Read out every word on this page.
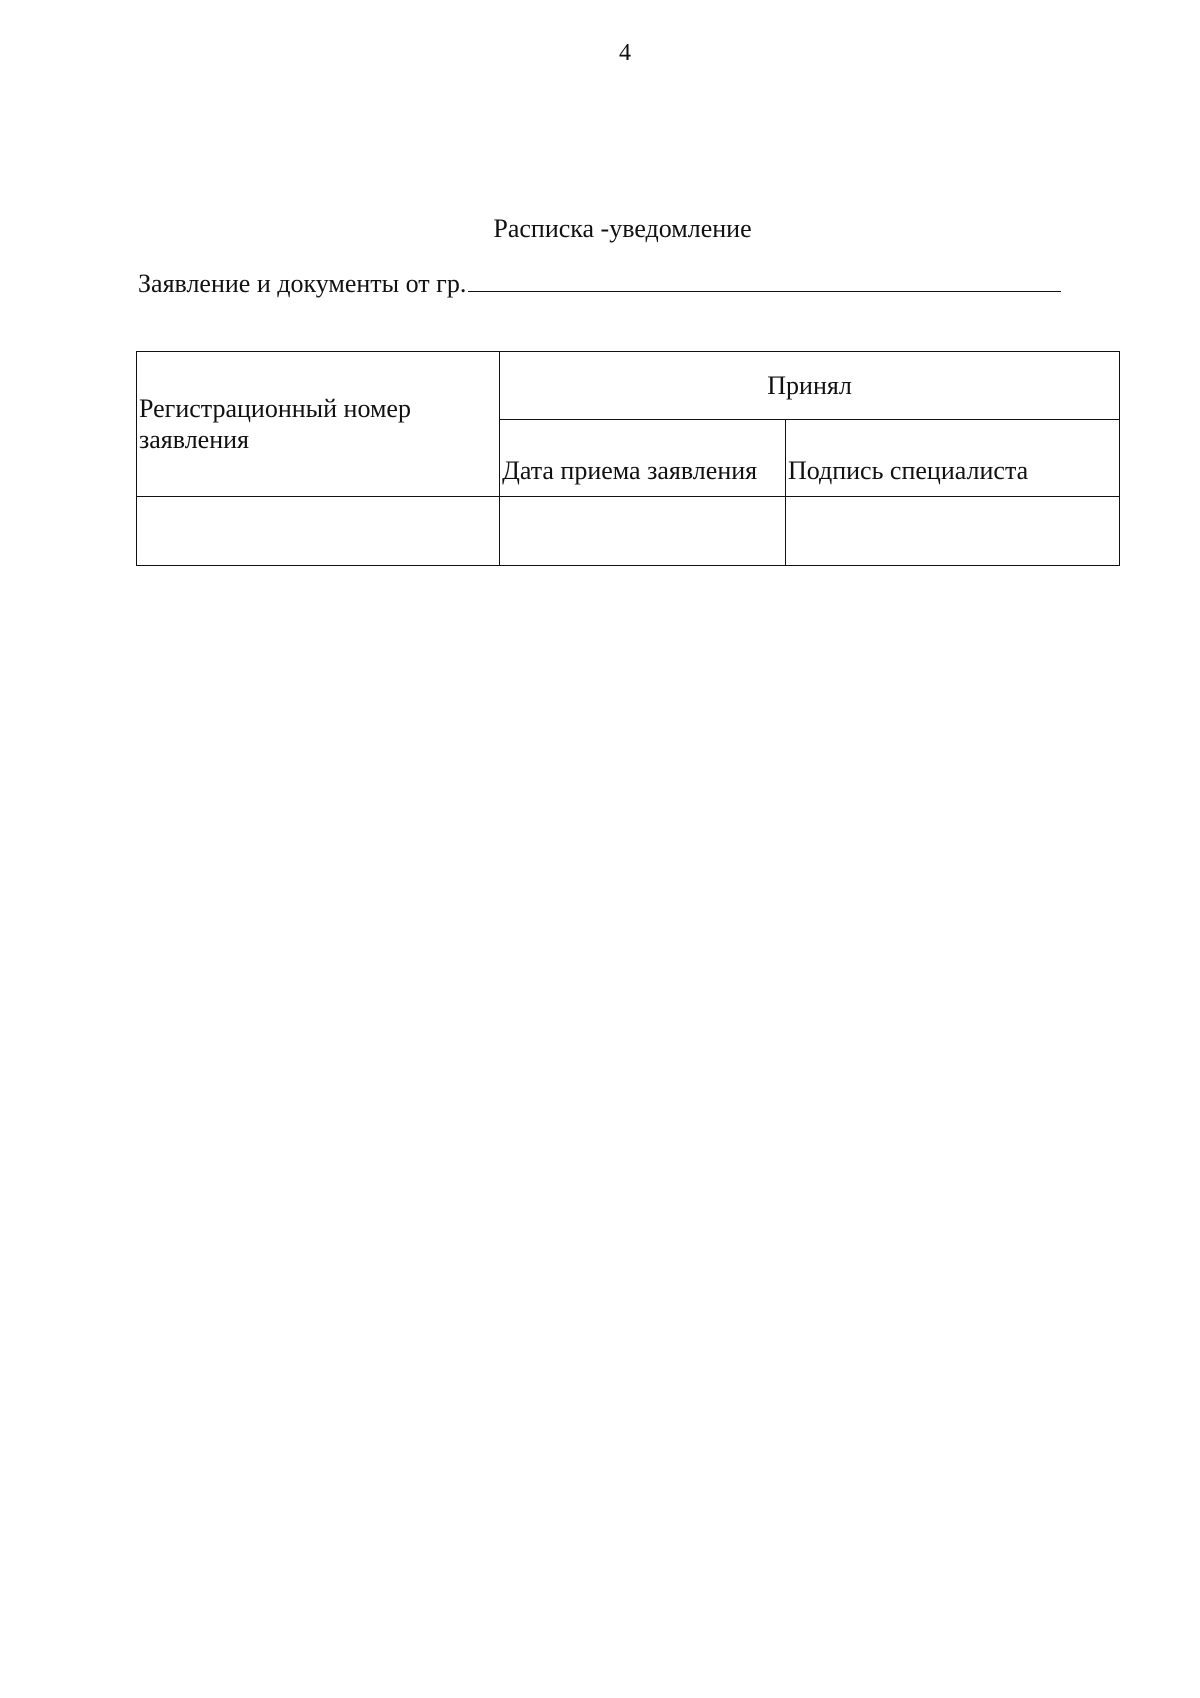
4
Расписка -уведомление
Заявление и документы от гр.
Регистрационный номер заявления	Принял	
	Дата приема заявления	Подпись специалиста
